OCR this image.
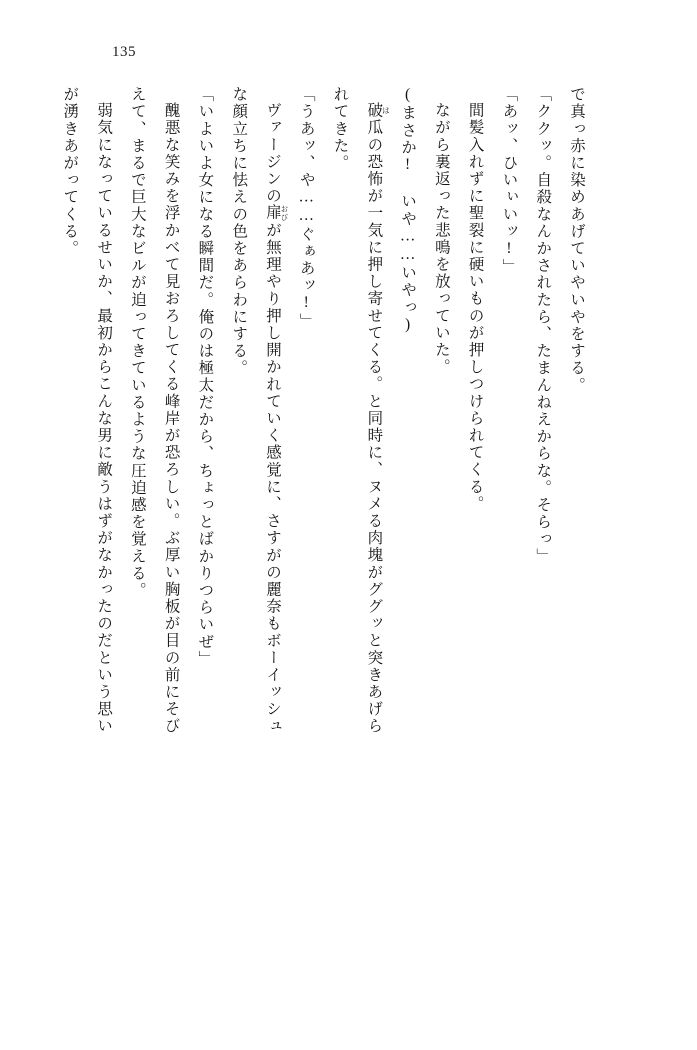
135

で真っ赤に染めあげていやいやをする。

「ククッ。自殺なんかされたら、たまんねえからな。そらっ」

「あッ、ひいぃいッ!」

間髪入れずに聖裂に硬いものが押しつけられてくる。

ながら裏返った悲鳴を放っていた。

(まさか! いや……いやっ)

破 は瓜の恐怖が一気に押し寄せてくる。と同時に、ヌメる肉塊がググッと突きあげら

れてきた。

「うあッ、や……ぐぁあッ!」

ヴァージンの扉 おびが無理やり押し開かれていく感覚に、さすがの麗奈もボーイッシュ

な顔立ちに怯えの色をあらわにする。

「いよいよ女になる瞬間だ。俺のは極太だから、ちょっとばかりつらいぜ」

醜悪な笑みを浮かべて見おろしてくる峰岸が恐ろしい。ぶ厚い胸板が目の前にそび

えて、まるで巨大なビルが迫ってきているような圧迫感を覚える。

弱気になっているせいか、最初からこんな男に敵うはずがなかったのだという思い

が湧きあがってくる。
